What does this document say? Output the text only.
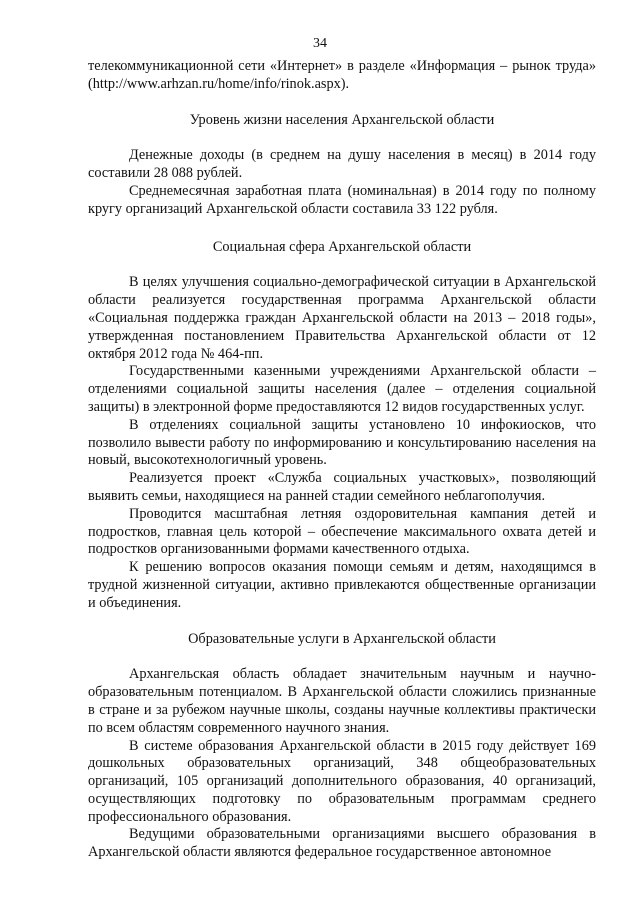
34

телекоммуникационной сети «Интернет» в разделе «Информация – рынок труда» (http://www.arhzan.ru/home/info/rinok.aspx).

Уровень жизни населения Архангельской области

Денежные доходы (в среднем на душу населения в месяц) в 2014 году составили 28 088 рублей.

Среднемесячная заработная плата (номинальная) в 2014 году по полному кругу организаций Архангельской области составила 33 122 рубля.

Социальная сфера Архангельской области

В целях улучшения социально-демографической ситуации в Архангельской области реализуется государственная программа Архангельской области «Социальная поддержка граждан Архангельской области на 2013 – 2018 годы», утвержденная постановлением Правительства Архангельской области от 12 октября 2012 года № 464-пп.

Государственными казенными учреждениями Архангельской области – отделениями социальной защиты населения (далее – отделения социальной защиты) в электронной форме предоставляются 12 видов государственных услуг.

В отделениях социальной защиты установлено 10 инфокиосков, что позволило вывести работу по информированию и консультированию населения на новый, высокотехнологичный уровень.

Реализуется проект «Служба социальных участковых», позволяющий выявить семьи, находящиеся на ранней стадии семейного неблагополучия.

Проводится масштабная летняя оздоровительная кампания детей и подростков, главная цель которой – обеспечение максимального охвата детей и подростков организованными формами качественного отдыха.

К решению вопросов оказания помощи семьям и детям, находящимся в трудной жизненной ситуации, активно привлекаются общественные организации и объединения.

Образовательные услуги в Архангельской области

Архангельская область обладает значительным научным и научно-образовательным потенциалом. В Архангельской области сложились признанные в стране и за рубежом научные школы, созданы научные коллективы практически по всем областям современного научного знания.

В системе образования Архангельской области в 2015 году действует 169 дошкольных образовательных организаций, 348 общеобразовательных организаций, 105 организаций дополнительного образования, 40 организаций, осуществляющих подготовку по образовательным программам среднего профессионального образования.

Ведущими образовательными организациями высшего образования в Архангельской области являются федеральное государственное автономное
